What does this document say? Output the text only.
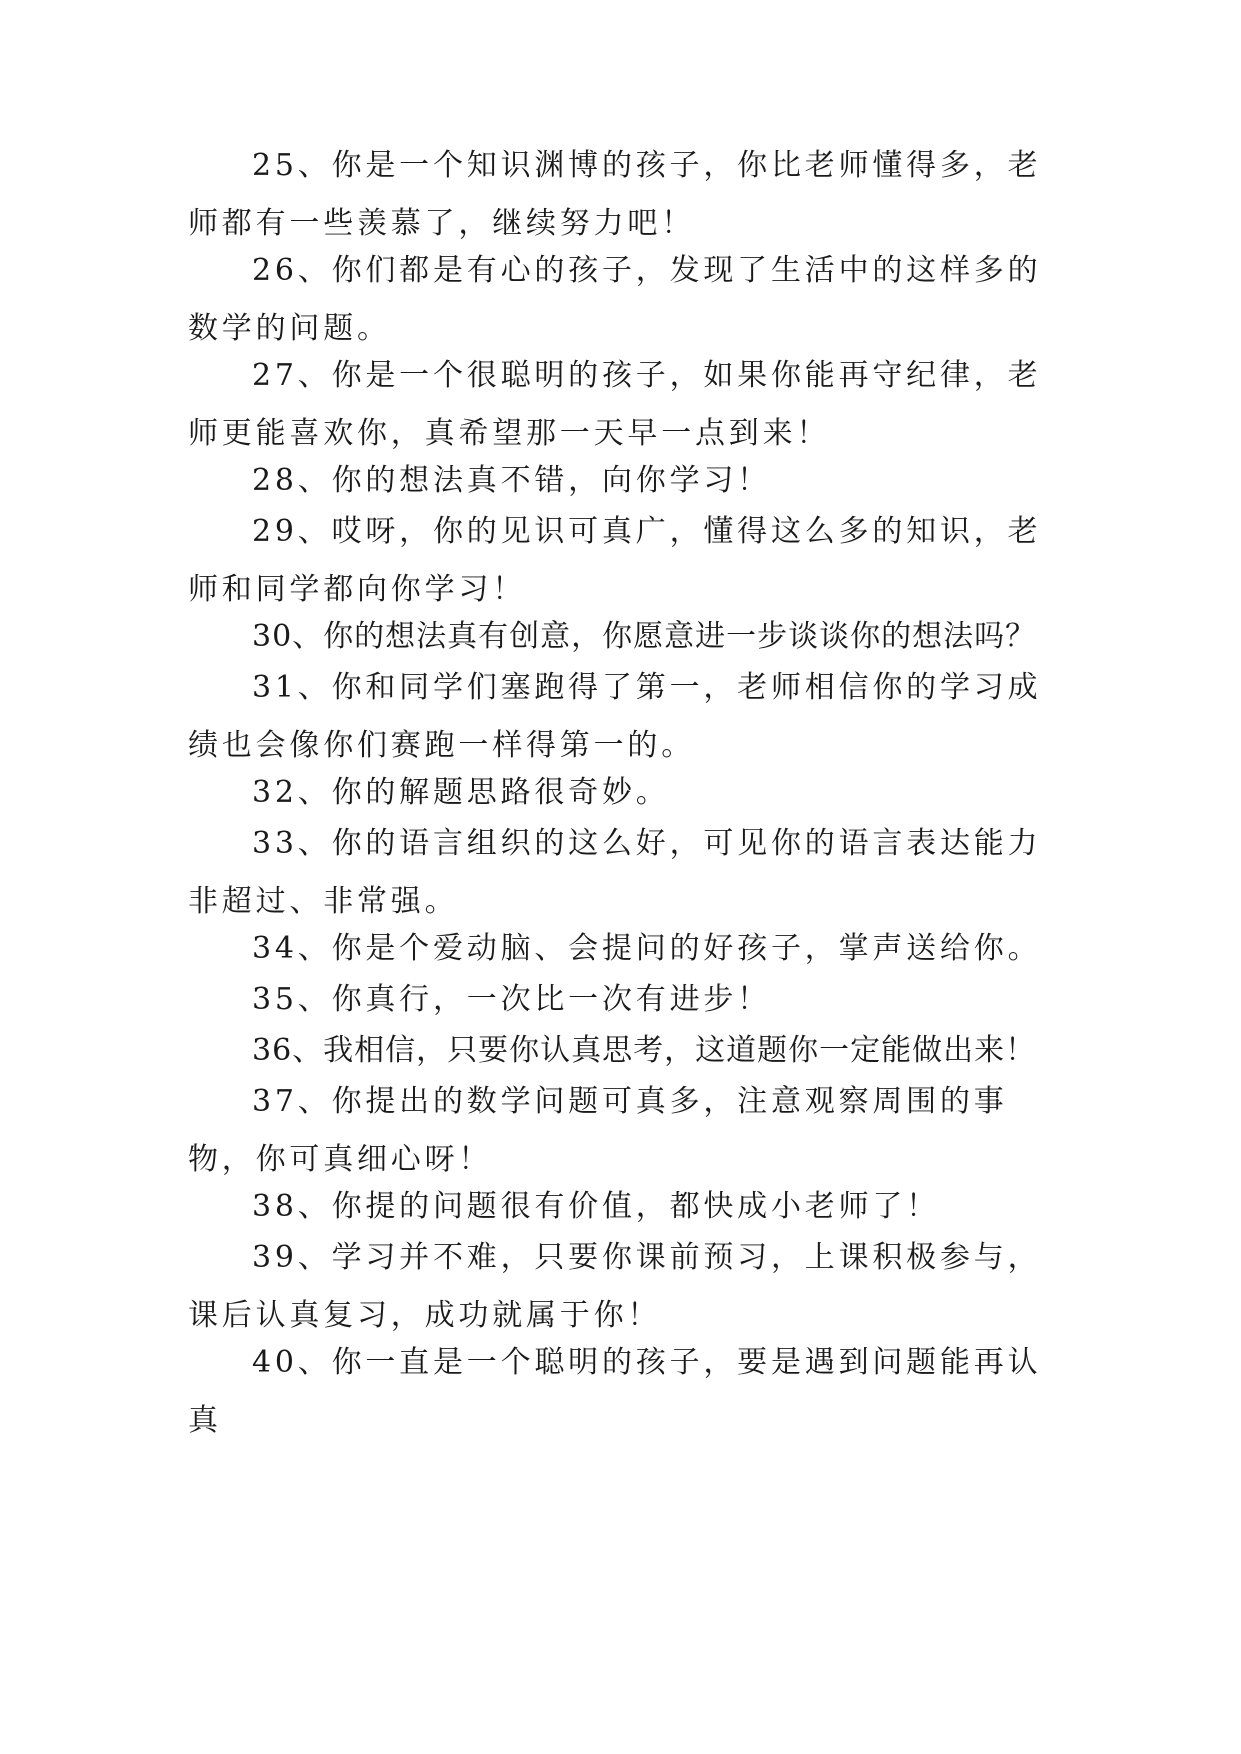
25、你是一个知识渊博的孩子，你比老师懂得多，老师都有一些羡慕了，继续努力吧！

26、你们都是有心的孩子，发现了生活中的这样多的数学的问题。

27、你是一个很聪明的孩子，如果你能再守纪律，老师更能喜欢你，真希望那一天早一点到来！

28、你的想法真不错，向你学习！

29、哎呀，你的见识可真广，懂得这么多的知识，老师和同学都向你学习！

30、你的想法真有创意，你愿意进一步谈谈你的想法吗？

31、你和同学们塞跑得了第一，老师相信你的学习成绩也会像你们赛跑一样得第一的。

32、你的解题思路很奇妙。

33、你的语言组织的这么好，可见你的语言表达能力非超过、非常强。

34、你是个爱动脑、会提问的好孩子，掌声送给你。

35、你真行，一次比一次有进步！

36、我相信，只要你认真思考，这道题你一定能做出来！

37、你提出的数学问题可真多，注意观察周围的事物，你可真细心呀！

38、你提的问题很有价值，都快成小老师了！

39、学习并不难，只要你课前预习，上课积极参与，课后认真复习，成功就属于你！

40、你一直是一个聪明的孩子，要是遇到问题能再认真
